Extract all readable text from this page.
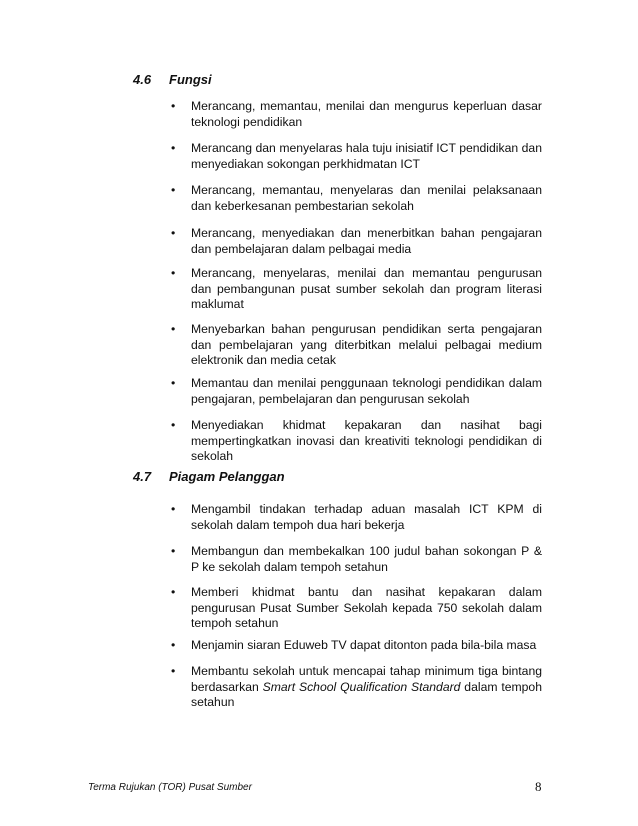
4.6 Fungsi
•	Merancang, memantau, menilai dan mengurus keperluan dasar teknologi pendidikan
•	Merancang dan menyelaras hala tuju inisiatif ICT pendidikan dan menyediakan sokongan perkhidmatan ICT
•	Merancang, memantau, menyelaras dan menilai pelaksanaan dan keberkesanan pembestarian sekolah
•	Merancang, menyediakan dan menerbitkan bahan pengajaran dan pembelajaran dalam pelbagai media
•	Merancang, menyelaras, menilai dan memantau pengurusan dan pembangunan pusat sumber sekolah dan program literasi maklumat
•	Menyebarkan bahan pengurusan pendidikan serta pengajaran dan pembelajaran yang diterbitkan melalui pelbagai medium elektronik dan media cetak
•	Memantau dan menilai penggunaan teknologi pendidikan dalam pengajaran, pembelajaran dan pengurusan sekolah
•	Menyediakan khidmat kepakaran dan nasihat bagi mempertingkatkan inovasi dan kreativiti teknologi pendidikan di sekolah
4.7 Piagam Pelanggan
•	Mengambil tindakan terhadap aduan masalah ICT KPM di sekolah dalam tempoh dua hari bekerja
•	Membangun dan membekalkan 100 judul bahan sokongan P & P ke sekolah dalam tempoh setahun
•	Memberi khidmat bantu dan nasihat kepakaran dalam pengurusan Pusat Sumber Sekolah kepada 750 sekolah dalam tempoh setahun
•	Menjamin siaran Eduweb TV dapat ditonton pada bila-bila masa
•	Membantu sekolah untuk mencapai tahap minimum tiga bintang berdasarkan Smart School Qualification Standard dalam tempoh setahun
Terma Rujukan (TOR) Pusat Sumber	8
